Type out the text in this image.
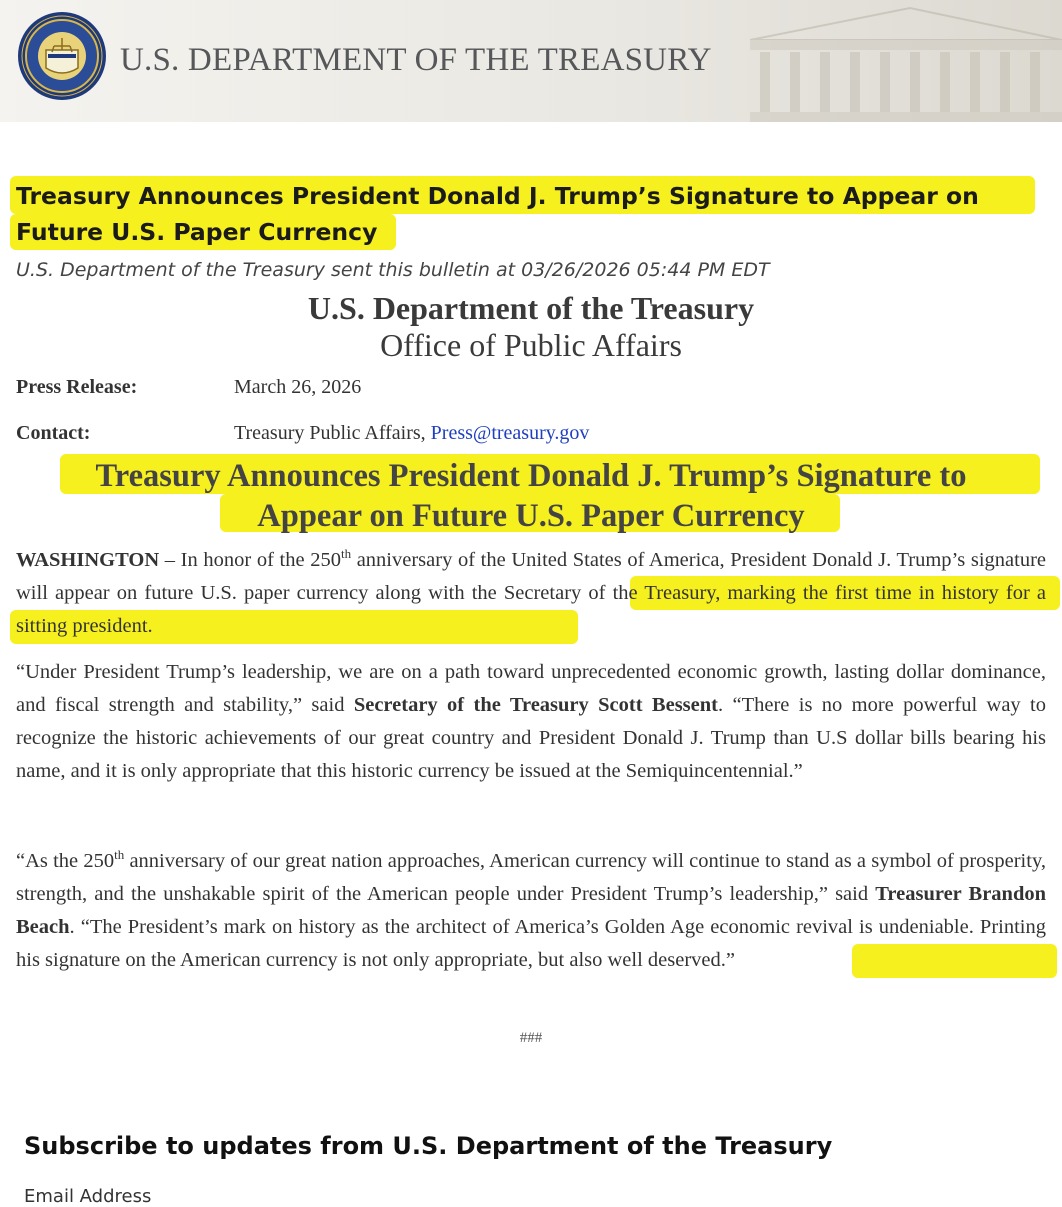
U.S. DEPARTMENT OF THE TREASURY
Treasury Announces President Donald J. Trump’s Signature to Appear on
Future U.S. Paper Currency
U.S. Department of the Treasury sent this bulletin at 03/26/2026 05:44 PM EDT
U.S. Department of the Treasury
Office of Public Affairs
Press Release:	March 26, 2026
Contact:	Treasury Public Affairs, Press@treasury.gov
Treasury Announces President Donald J. Trump’s Signature to
Appear on Future U.S. Paper Currency
WASHINGTON – In honor of the 250th anniversary of the United States of America, President Donald J. Trump’s signature will appear on future U.S. paper currency along with the Secretary of the Treasury, marking the first time in history for a sitting president.
“Under President Trump’s leadership, we are on a path toward unprecedented economic growth, lasting dollar dominance, and fiscal strength and stability,” said Secretary of the Treasury Scott Bessent. “There is no more powerful way to recognize the historic achievements of our great country and President Donald J. Trump than U.S dollar bills bearing his name, and it is only appropriate that this historic currency be issued at the Semiquincentennial.”
“As the 250th anniversary of our great nation approaches, American currency will continue to stand as a symbol of prosperity, strength, and the unshakable spirit of the American people under President Trump’s leadership,” said Treasurer Brandon Beach. “The President’s mark on history as the architect of America’s Golden Age economic revival is undeniable. Printing his signature on the American currency is not only appropriate, but also well deserved.”
###
Subscribe to updates from U.S. Department of the Treasury
Email Address
